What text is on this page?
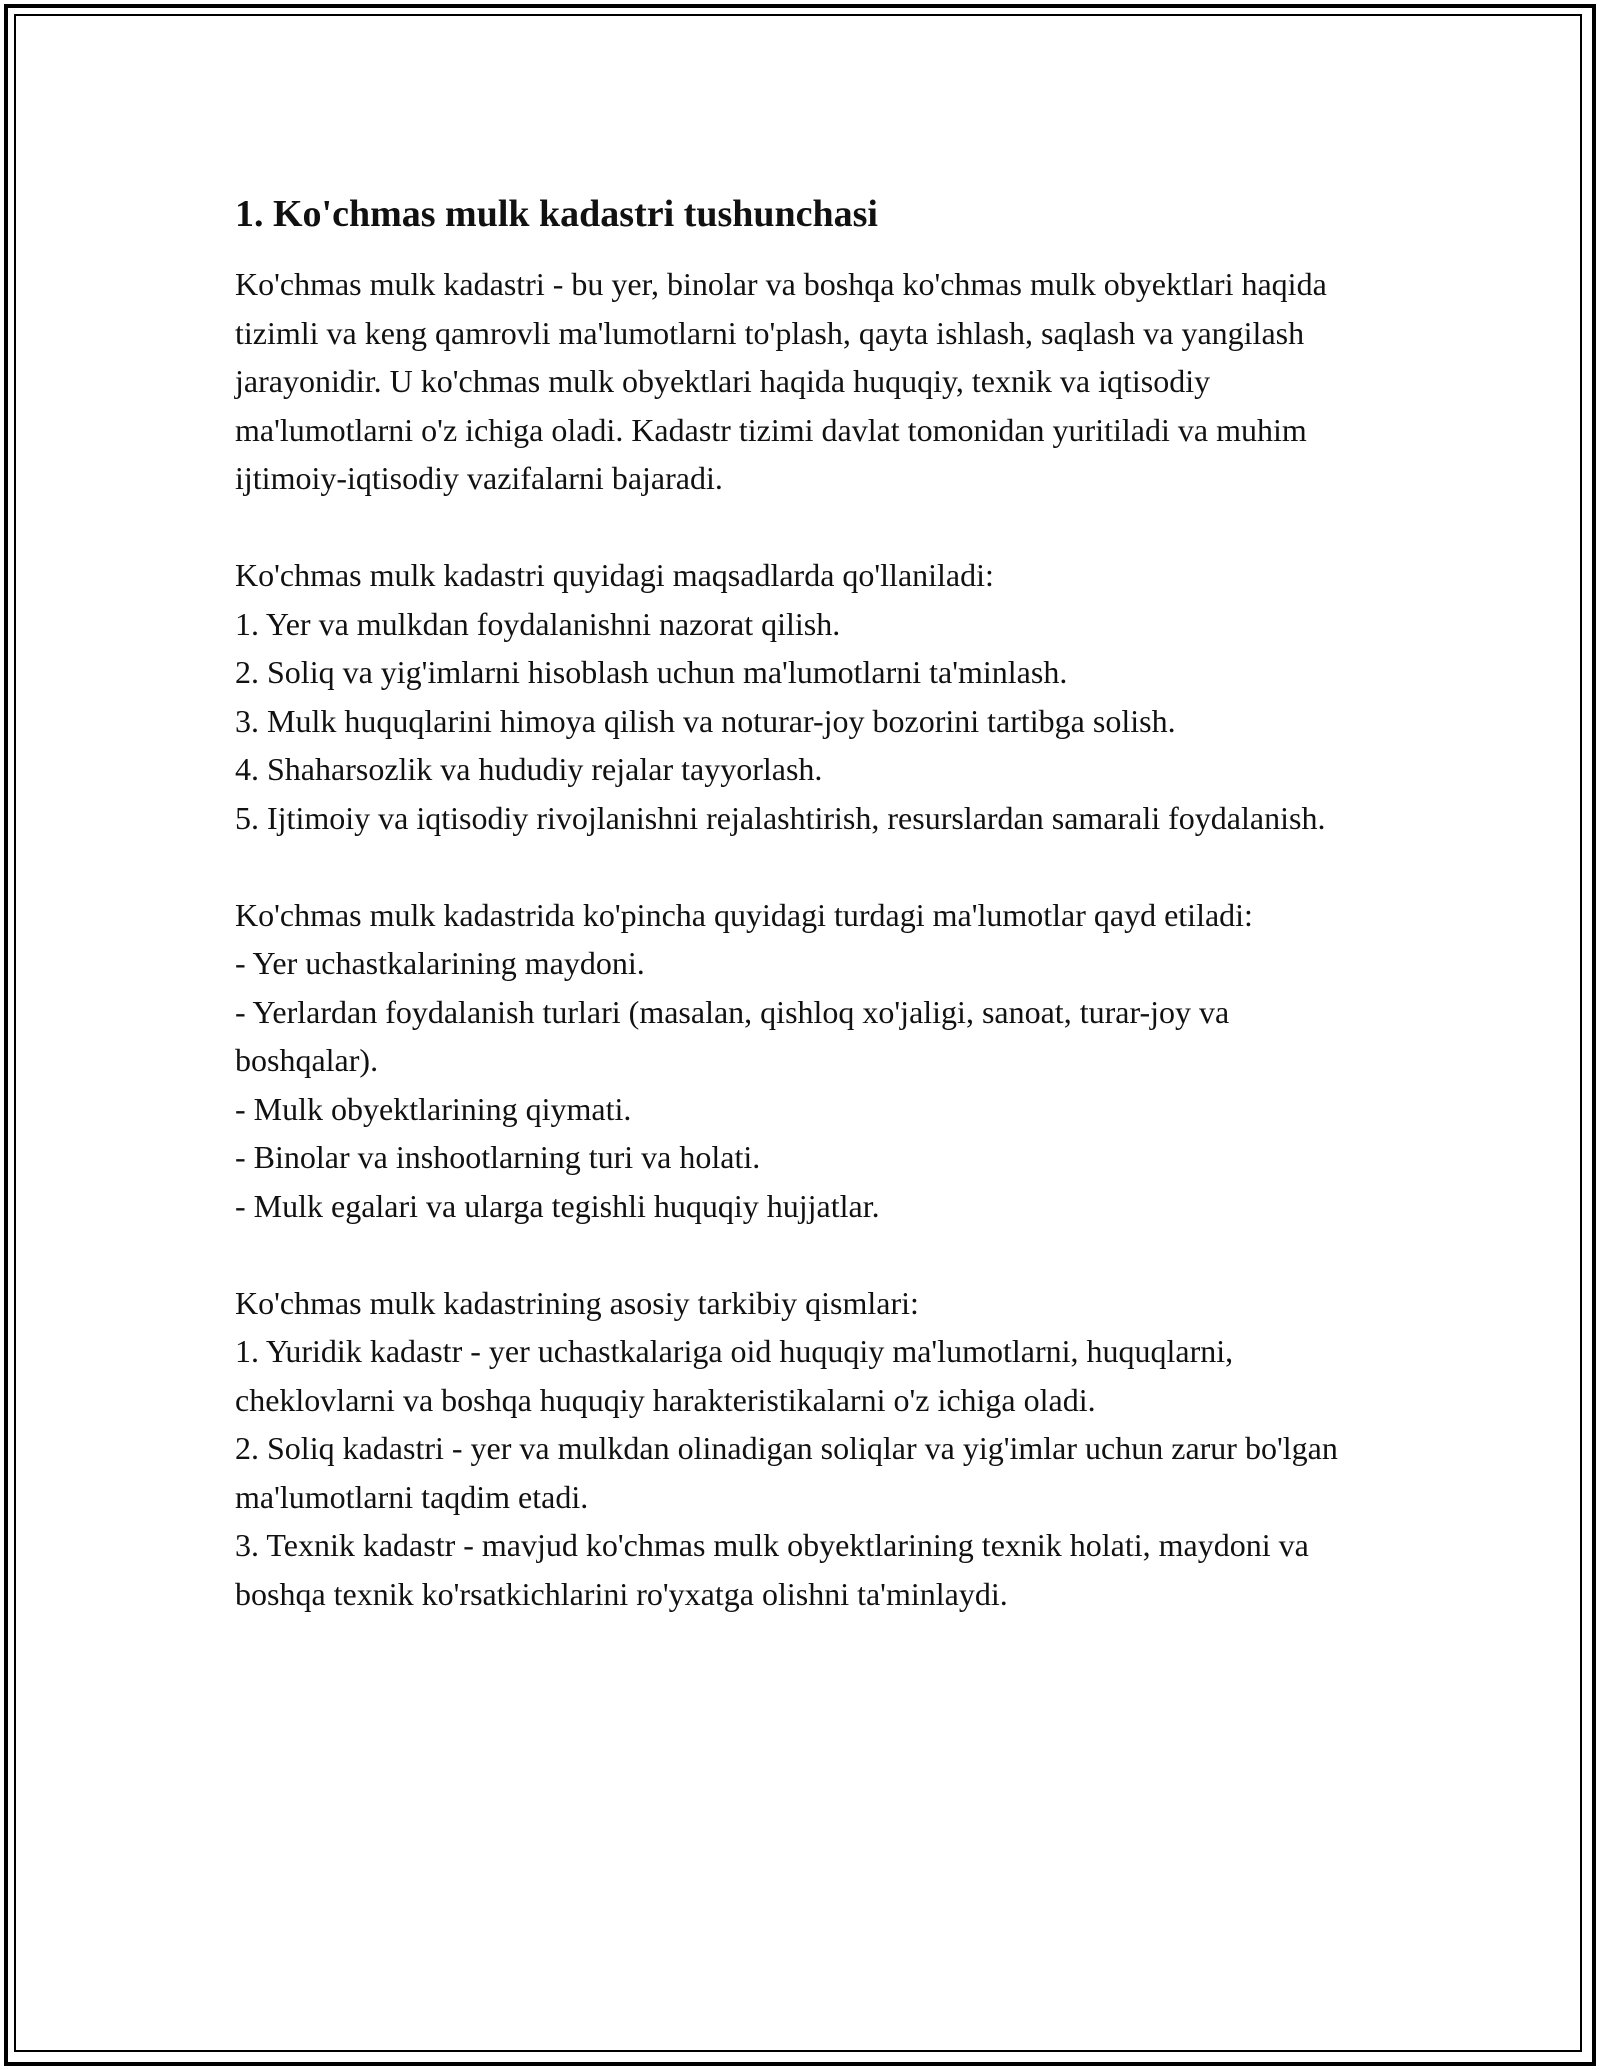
1. Ko'chmas mulk kadastri tushunchasi

Ko'chmas mulk kadastri - bu yer, binolar va boshqa ko'chmas mulk obyektlari haqida tizimli va keng qamrovli ma'lumotlarni to'plash, qayta ishlash, saqlash va yangilash jarayonidir. U ko'chmas mulk obyektlari haqida huquqiy, texnik va iqtisodiy ma'lumotlarni o'z ichiga oladi. Kadastr tizimi davlat tomonidan yuritiladi va muhim ijtimoiy-iqtisodiy vazifalarni bajaradi.

Ko'chmas mulk kadastri quyidagi maqsadlarda qo'llaniladi:

1. Yer va mulkdan foydalanishni nazorat qilish.

2. Soliq va yig'imlarni hisoblash uchun ma'lumotlarni ta'minlash.

3. Mulk huquqlarini himoya qilish va noturar-joy bozorini tartibga solish.

4. Shaharsozlik va hududiy rejalar tayyorlash.

5. Ijtimoiy va iqtisodiy rivojlanishni rejalashtirish, resurslardan samarali foydalanish.

Ko'chmas mulk kadastrida ko'pincha quyidagi turdagi ma'lumotlar qayd etiladi:

- Yer uchastkalarining maydoni.

- Yerlardan foydalanish turlari (masalan, qishloq xo'jaligi, sanoat, turar-joy va boshqalar).

- Mulk obyektlarining qiymati.

- Binolar va inshootlarning turi va holati.

- Mulk egalari va ularga tegishli huquqiy hujjatlar.

Ko'chmas mulk kadastrining asosiy tarkibiy qismlari:

1. Yuridik kadastr - yer uchastkalariga oid huquqiy ma'lumotlarni, huquqlarni, cheklovlarni va boshqa huquqiy harakteristikalarni o'z ichiga oladi.

2. Soliq kadastri - yer va mulkdan olinadigan soliqlar va yig'imlar uchun zarur bo'lgan ma'lumotlarni taqdim etadi.

3. Texnik kadastr - mavjud ko'chmas mulk obyektlarining texnik holati, maydoni va boshqa texnik ko'rsatkichlarini ro'yxatga olishni ta'minlaydi.
